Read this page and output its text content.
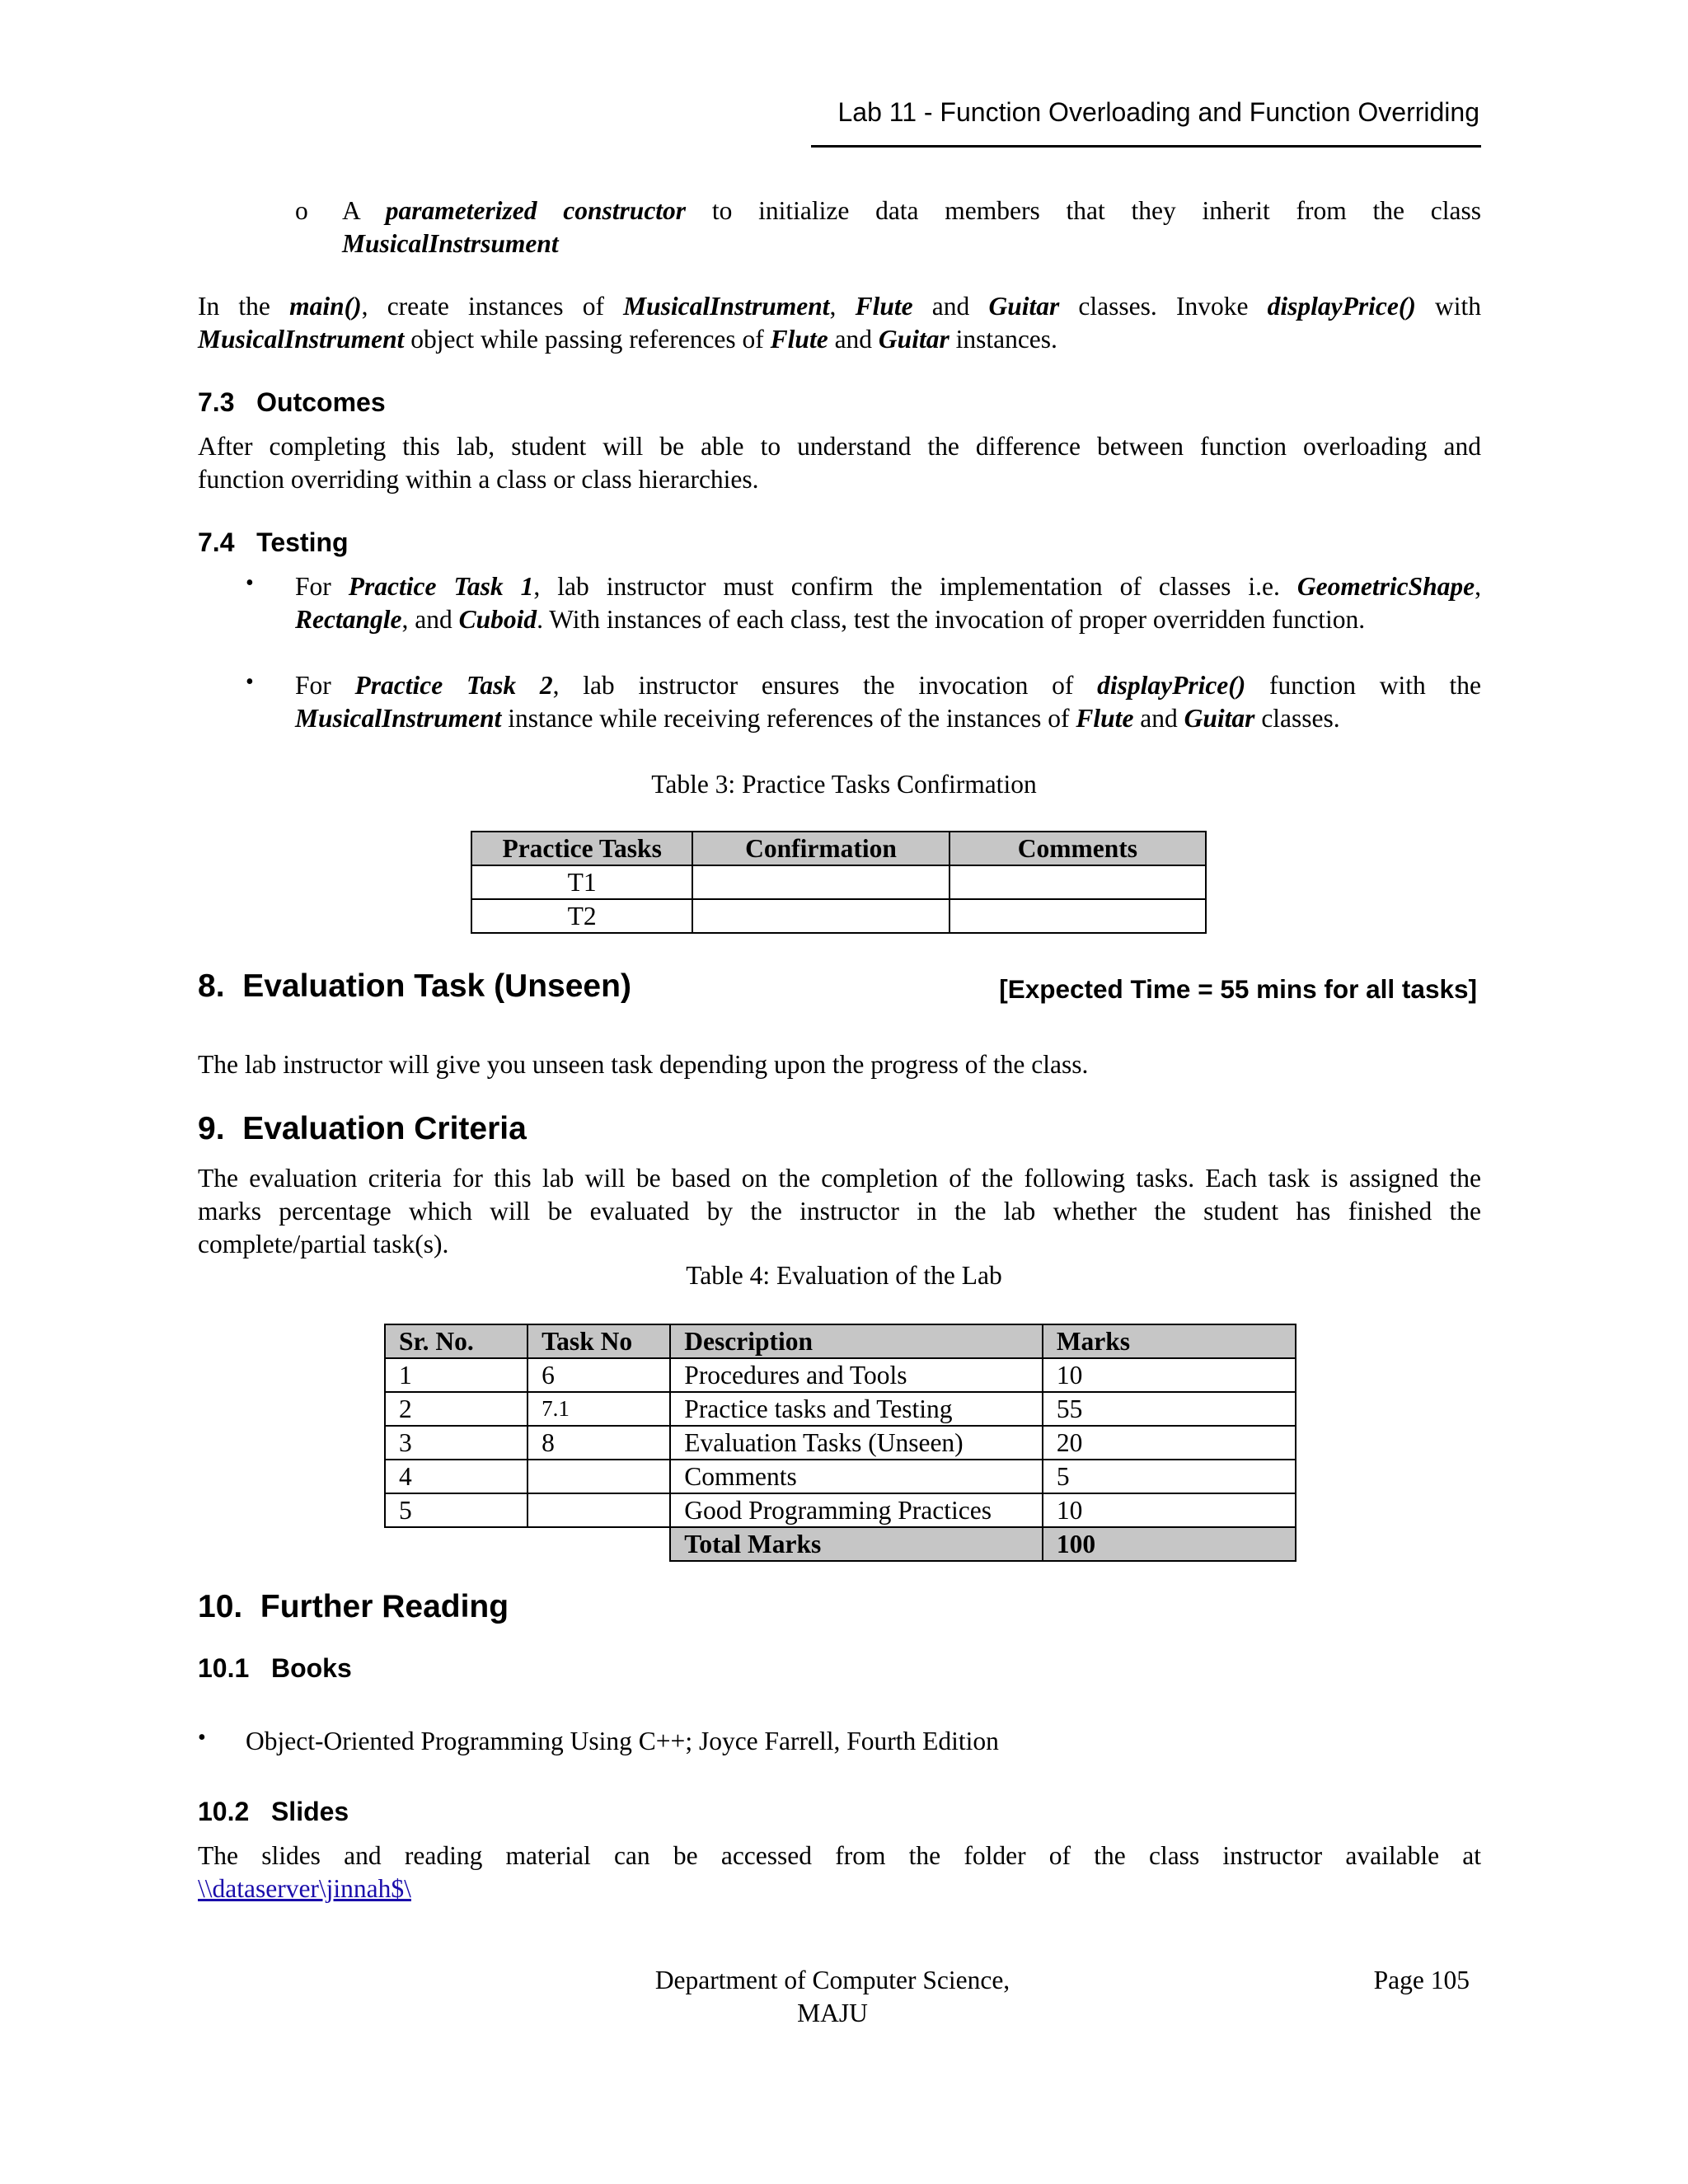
Lab 11 - Function Overloading and Function Overriding
o A parameterized constructor to initialize data members that they inherit from the class
MusicalInstrsument
In the main(), create instances of MusicalInstrument, Flute and Guitar classes. Invoke displayPrice() with
MusicalInstrument object while passing references of Flute and Guitar instances.
7.3   Outcomes
After completing this lab, student will be able to understand the difference between function overloading and
function overriding within a class or class hierarchies.
7.4   Testing
• For Practice Task 1, lab instructor must confirm the implementation of classes i.e. GeometricShape,
Rectangle, and Cuboid. With instances of each class, test the invocation of proper overridden function.
• For Practice Task 2, lab instructor ensures the invocation of displayPrice() function with the
MusicalInstrument instance while receiving references of the instances of Flute and Guitar classes.
Table 3: Practice Tasks Confirmation
Practice Tasks	Confirmation	Comments
T1		
T2		
8.  Evaluation Task (Unseen)	[Expected Time = 55 mins for all tasks]
The lab instructor will give you unseen task depending upon the progress of the class.
9.  Evaluation Criteria
The evaluation criteria for this lab will be based on the completion of the following tasks. Each task is assigned the
marks percentage which will be evaluated by the instructor in the lab whether the student has finished the
complete/partial task(s).
Table 4: Evaluation of the Lab
Sr. No.	Task No	Description	Marks
1	6	Procedures and Tools	10
2	7.1	Practice tasks and Testing	55
3	8	Evaluation Tasks (Unseen)	20
4		Comments	5
5		Good Programming Practices	10
		Total Marks	100
10.  Further Reading
10.1   Books
• Object-Oriented Programming Using C++; Joyce Farrell, Fourth Edition
10.2   Slides
The slides and reading material can be accessed from the folder of the class instructor available at
\\dataserver\jinnah$\
Department of Computer Science,
MAJU
Page 105
